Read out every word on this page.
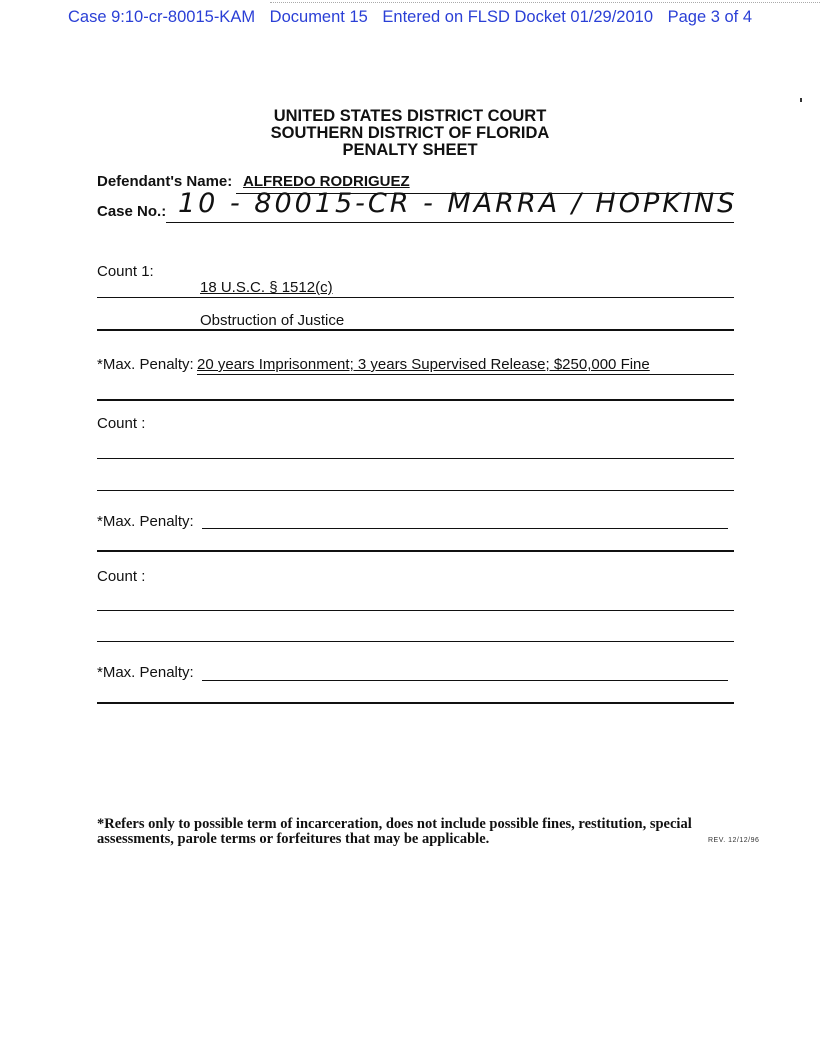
Case 9:10-cr-80015-KAM Document 15 Entered on FLSD Docket 01/29/2010 Page 3 of 4
UNITED STATES DISTRICT COURT
SOUTHERN DISTRICT OF FLORIDA
PENALTY SHEET
Defendant's Name: ALFREDO RODRIGUEZ
Case No.: 10 - 80015-CR - MARRA / HOPKINS
Count 1:
18 U.S.C. § 1512(c)
Obstruction of Justice
*Max. Penalty: 20 years Imprisonment; 3 years Supervised Release; $250,000 Fine
Count :
*Max. Penalty:
Count :
*Max. Penalty:
*Refers only to possible term of incarceration, does not include possible fines, restitution, special assessments, parole terms or forfeitures that may be applicable.	REV. 12/12/96
